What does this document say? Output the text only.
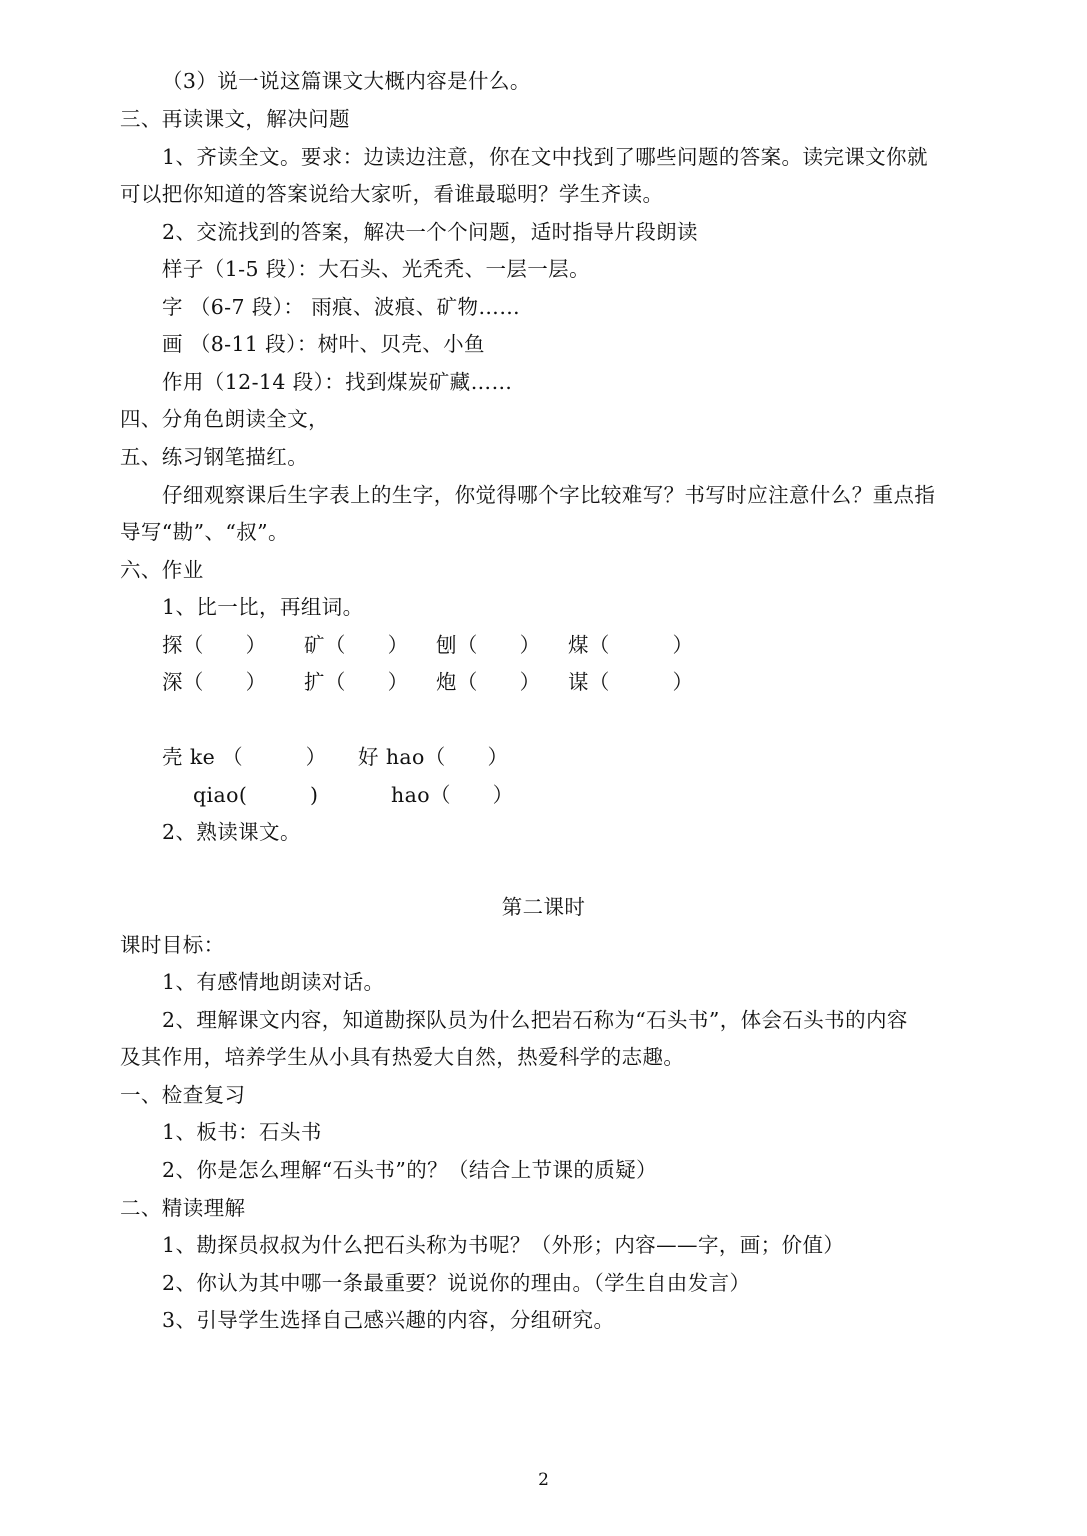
（3）说一说这篇课文大概内容是什么。
三、再读课文，解决问题
1、齐读全文。要求：边读边注意，你在文中找到了哪些问题的答案。读完课文你就
可以把你知道的答案说给大家听，看谁最聪明？学生齐读。
2、交流找到的答案，解决一个个问题，适时指导片段朗读
样子（1-5 段）：大石头、光秃秃、一层一层。
字 （6-7 段）： 雨痕、波痕、矿物……
画 （8-11 段）：树叶、贝壳、小鱼
作用（12-14 段）：找到煤炭矿藏……
四、分角色朗读全文，
五、练习钢笔描红。
仔细观察课后生字表上的生字，你觉得哪个字比较难写？书写时应注意什么？重点指
导写“勘”、“叔”。
六、作业
1、比一比，再组词。
探（　　） 矿（　　） 刨（　　） 煤（　　　）
深（　　） 扩（　　） 炮（　　） 谋（　　　）
壳 ke （　　　） 好 hao（　　）
qiao(　　　)	hao（　　）
2、熟读课文。
第二课时
课时目标：
1、有感情地朗读对话。
2、理解课文内容，知道勘探队员为什么把岩石称为“石头书”，体会石头书的内容
及其作用，培养学生从小具有热爱大自然，热爱科学的志趣。
一、检查复习
1、板书：石头书
2、你是怎么理解“石头书”的？（结合上节课的质疑）
二、精读理解
1、勘探员叔叔为什么把石头称为书呢？（外形；内容——字，画；价值）
2、你认为其中哪一条最重要？说说你的理由。（学生自由发言）
3、引导学生选择自己感兴趣的内容，分组研究。
2
